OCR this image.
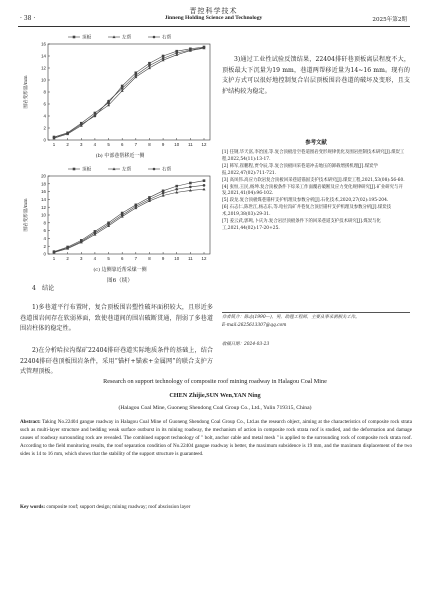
晋控科学技术
· 38 ·	Jinneng Holding Science and Technology	2025年第2期
0
2
4
6
8
10
12
14
16
1	2	3	4	5	6	7	8	9 10 11 12
围岩变形量/mm
顶板	左帮	右帮
(b) 中部巷帮移近一侧
0
2
4
6
8
10
12
14
16
18
20
1	2	3	4	5	6	7	8	9 10 11 12
围岩变形量/mm
顶板	左帮	右帮
(c) 边侧靠近帮采煤一侧
图6（续）
4　结论
1)多巷道平行布置时，复合顶板围岩塑性破坏面积较大，且形近多巷道围岩间存在软弱界面，致使巷道间的围岩破断贯通，削弱了多巷道围岩柱体的稳定性。
2)在分析哈拉沟煤矿22404排矸巷道实际地质条件的基础上，结合22404排矸巷顶板围岩条件，采用“锚杆+锚索+金属网”的联合支护方式管理顶板。
3)通过工业性试验反馈结果，22404排矸巷顶板离层程度不大，顶板最大下沉量为19 mm，巷道两帮移近量为14~16 mm。现有的支护方式可以很好地控制复合岩层顶板围岩巷道的破坏及变形，且支护结构较为稳定。
参考文献
[1] 任钢,毕天富,李治国,等.复合顶板沿空巷道围岩变形规律优化及围岩控制技术研究[J].煤炭工程,2022,54(11):13-17.
[2] 韩军,崔鹏程,贾令辰,等.复合顶板回采巷道冲击地压的卸载增援机理[J].煤炭学报,2022,47(02):711-721.
[3] 高凤伟.高应力软岩复合顶板回采巷道锚固支护技术研究[J].煤炭工程,2021,53(08):56-60.
[4] 张恒,王民,杨坤.复合顶板条件下综采工作面覆岩破断及应力变化规律研究[J].矿业研究与开发,2021,41(04):96-102.
[5] 段龙.复合顶板煤巷锚杆支护机理及参数分析[J].石化技术,2020,27(02):195-204.
[6] 石志仁,陈世江,杨志东,等.哈拉沟矿井巷复合顶层锚杆支护机理及参数分析[J].煤炭技术,2019,38(03):29-31.
[7] 姜云武,郭鸣,卜庆为.复合岩层顶板条件下的回采巷道支护技术研究[J].煤炭与化工,2021,44(02):17-20+25.
作者简介：陈志(1990—)，男，助理工程师，主要从事采剥相关工作。
E-mail:2625613307@qq.com
收稿日期：2024-03-23
Research on support technology of composite roof mining roadway in Halagou Coal Mine
CHEN Zhijie,SUN Wen,YAN Ning
(Halagou Coal Mine, Guoneng Shendong Coal Group Co., Ltd., Yulin 719315, China)
Abstract: Taking No.22404 gangue roadway in Halagou Coal Mine of Guoneng Shendong Coal Group Co., Ltd.as the research object, aiming at the characteristics of composite rock strata such as multi-layer structure and bedding weak surface outburst in its mining roadway, the mechanism of action in composite rock strata roof is studied, and the deformation and damage causes of roadway surrounding rock are revealed. The combined support technology of " bolt, anchor cable and metal mesh " is applied to the surrounding rock of composite rock strata roof. According to the field monitoring results, the roof separation condition of No.22404 gangue roadway is better, the maximum subsidence is 19 mm, and the maximum displacement of the two sides is 14 to 16 mm, which shows that the stability of the support structure is guaranteed.
Key words: composite roof; support design; mining roadway; roof abscission layer
